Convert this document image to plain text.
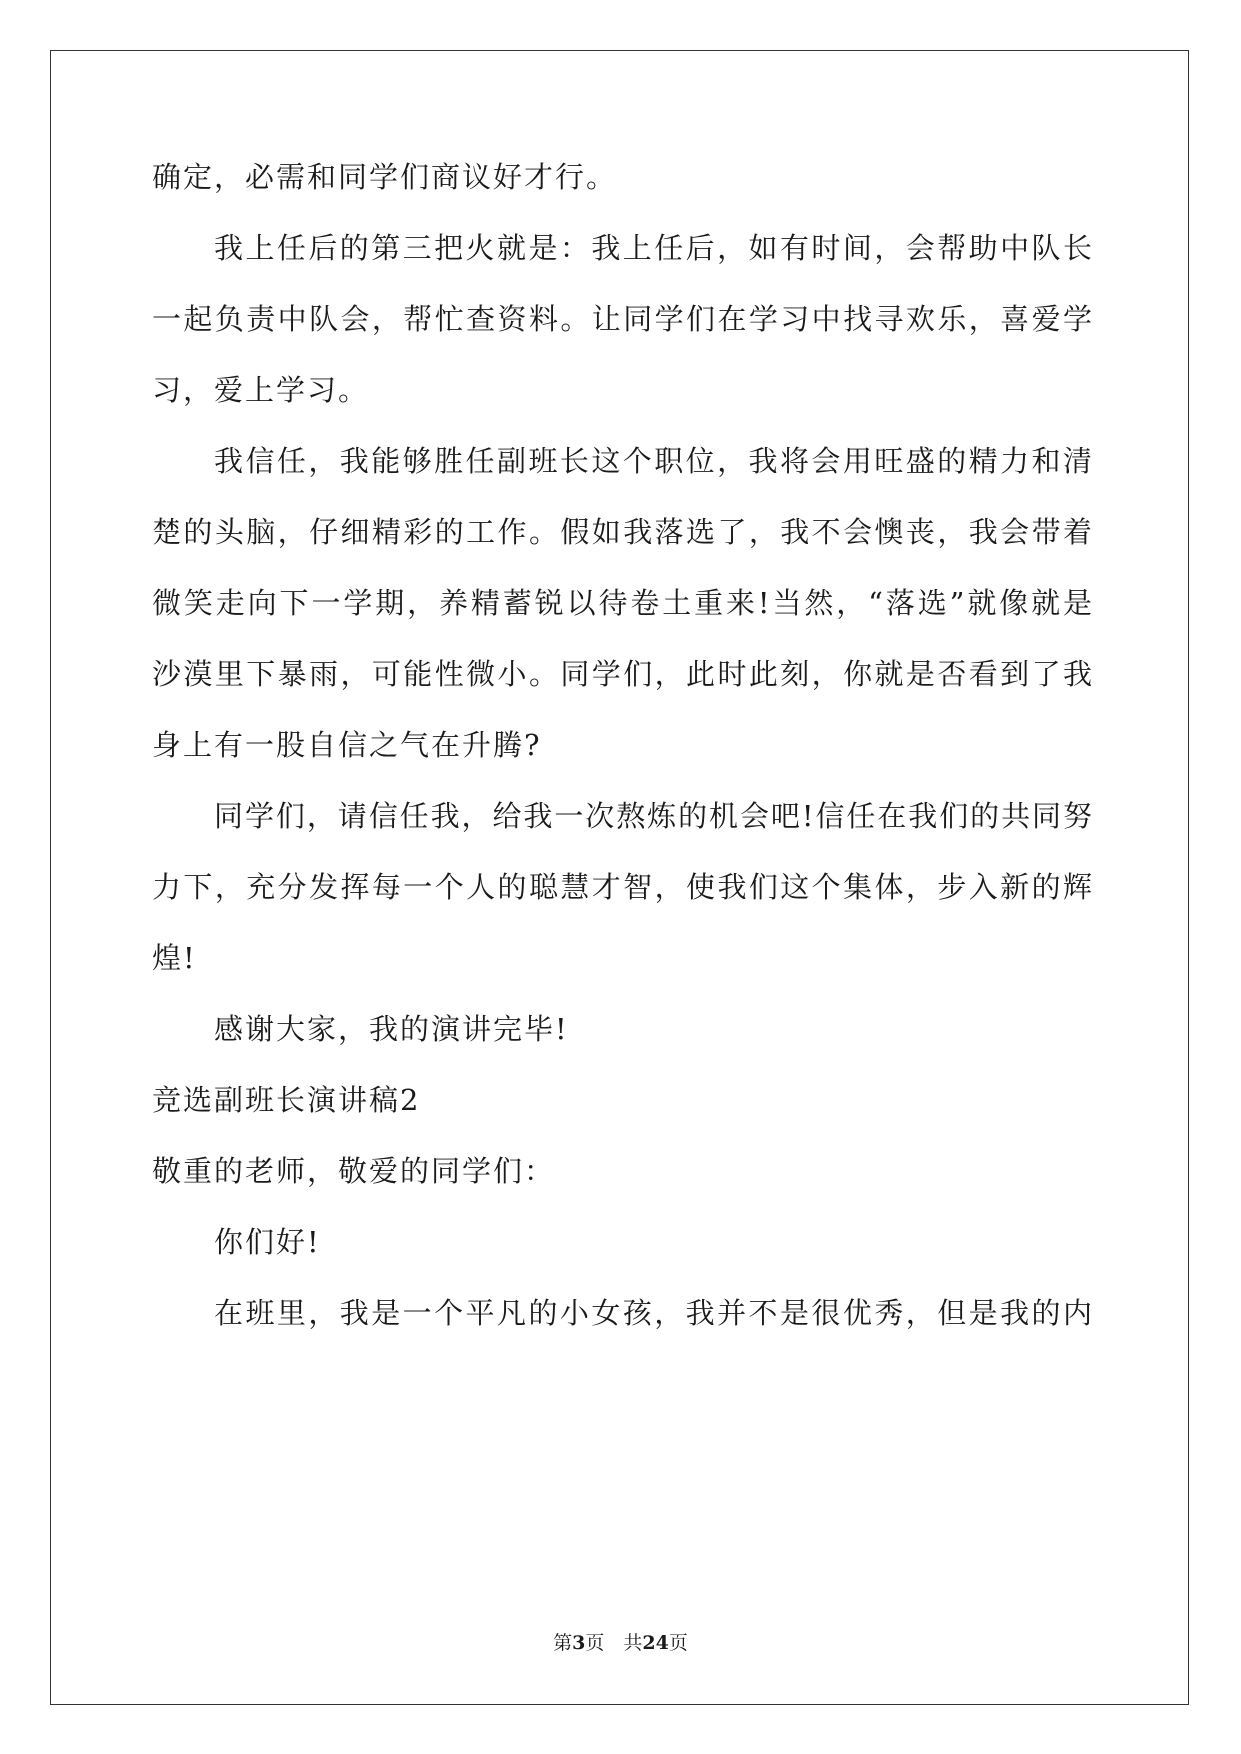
确定，必需和同学们商议好才行。
我上任后的第三把火就是：我上任后，如有时间，会帮助中队长
一起负责中队会，帮忙查资料。让同学们在学习中找寻欢乐，喜爱学
习，爱上学习。
我信任，我能够胜任副班长这个职位，我将会用旺盛的精力和清
楚的头脑，仔细精彩的工作。假如我落选了，我不会懊丧，我会带着
微笑走向下一学期，养精蓄锐以待卷土重来!当然，“落选”就像就是
沙漠里下暴雨，可能性微小。同学们，此时此刻，你就是否看到了我
身上有一股自信之气在升腾?
同学们，请信任我，给我一次熬炼的机会吧!信任在我们的共同努
力下，充分发挥每一个人的聪慧才智，使我们这个集体，步入新的辉
煌!
感谢大家，我的演讲完毕!
竞选副班长演讲稿2
敬重的老师，敬爱的同学们：
你们好!
在班里，我是一个平凡的小女孩，我并不是很优秀，但是我的内
第3页　共24页
